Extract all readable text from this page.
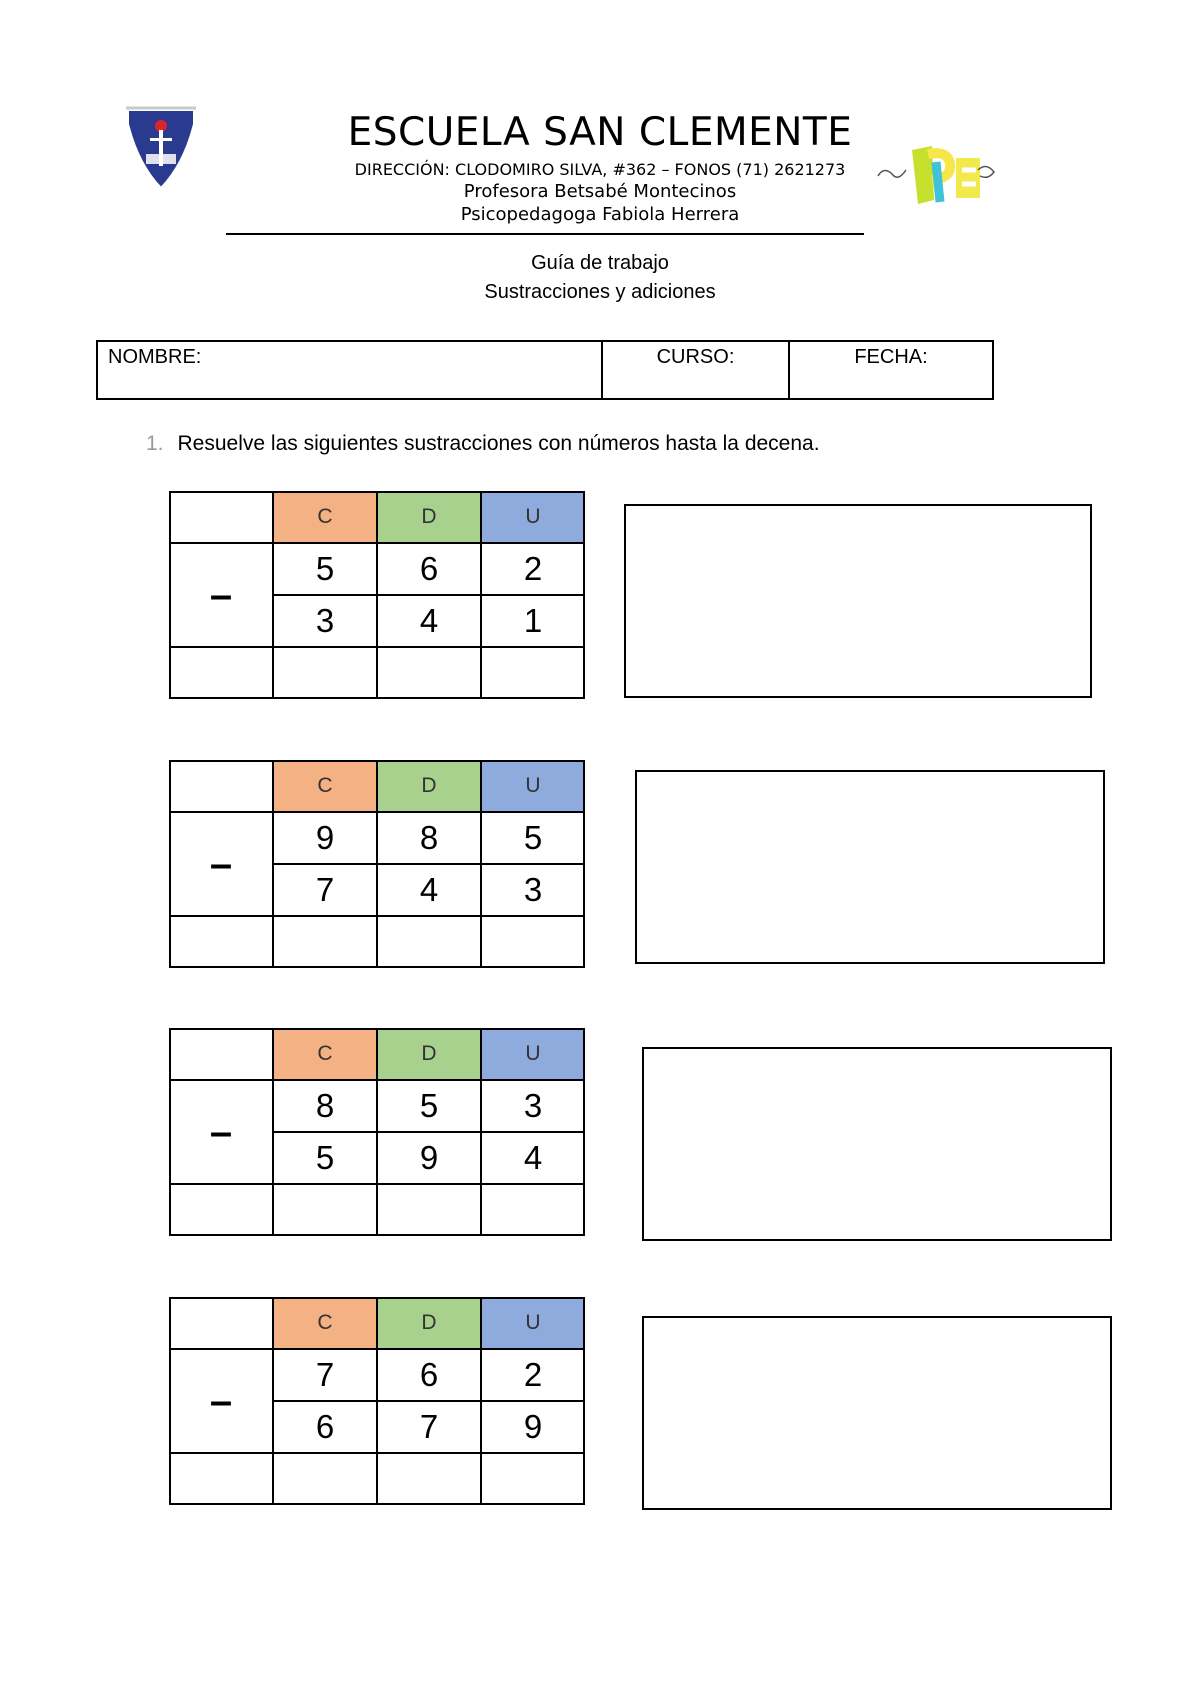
ESCUELA SAN CLEMENTE
DIRECCIÓN: CLODOMIRO SILVA, #362 – FONOS (71) 2621273
Profesora Betsabé Montecinos
Psicopedagoga Fabiola Herrera
Guía de trabajo
Sustracciones y adiciones
NOMBRE:	CURSO:	FECHA:
1. Resuelve las siguientes sustracciones con números hasta la decena.
C	D	U
–
5	6	2
3	4	1
C	D	U
–
9	8	5
7	4	3
C	D	U
–
8	5	3
5	9	4
C	D	U
–
7	6	2
6	7	9
